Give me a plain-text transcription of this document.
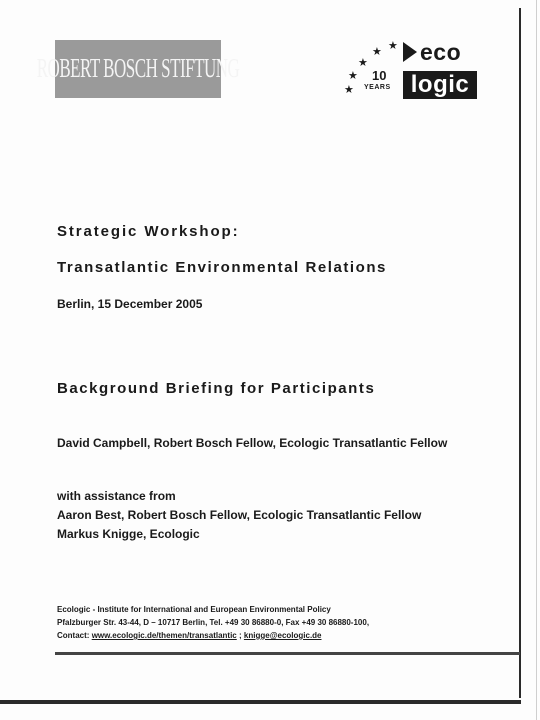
ROBERT BOSCH STIFTUNG
★
★
★
★
★
eco
10
YEARS logic
Strategic Workshop:
Transatlantic Environmental Relations
Berlin, 15 December 2005
Background Briefing for Participants
David Campbell, Robert Bosch Fellow, Ecologic Transatlantic Fellow
with assistance from
Aaron Best, Robert Bosch Fellow, Ecologic Transatlantic Fellow
Markus Knigge, Ecologic
Ecologic - Institute for International and European Environmental Policy
Pfalzburger Str. 43-44, D – 10717 Berlin, Tel. +49 30 86880-0, Fax +49 30 86880-100,
Contact: www.ecologic.de/themen/transatlantic ; knigge@ecologic.de
